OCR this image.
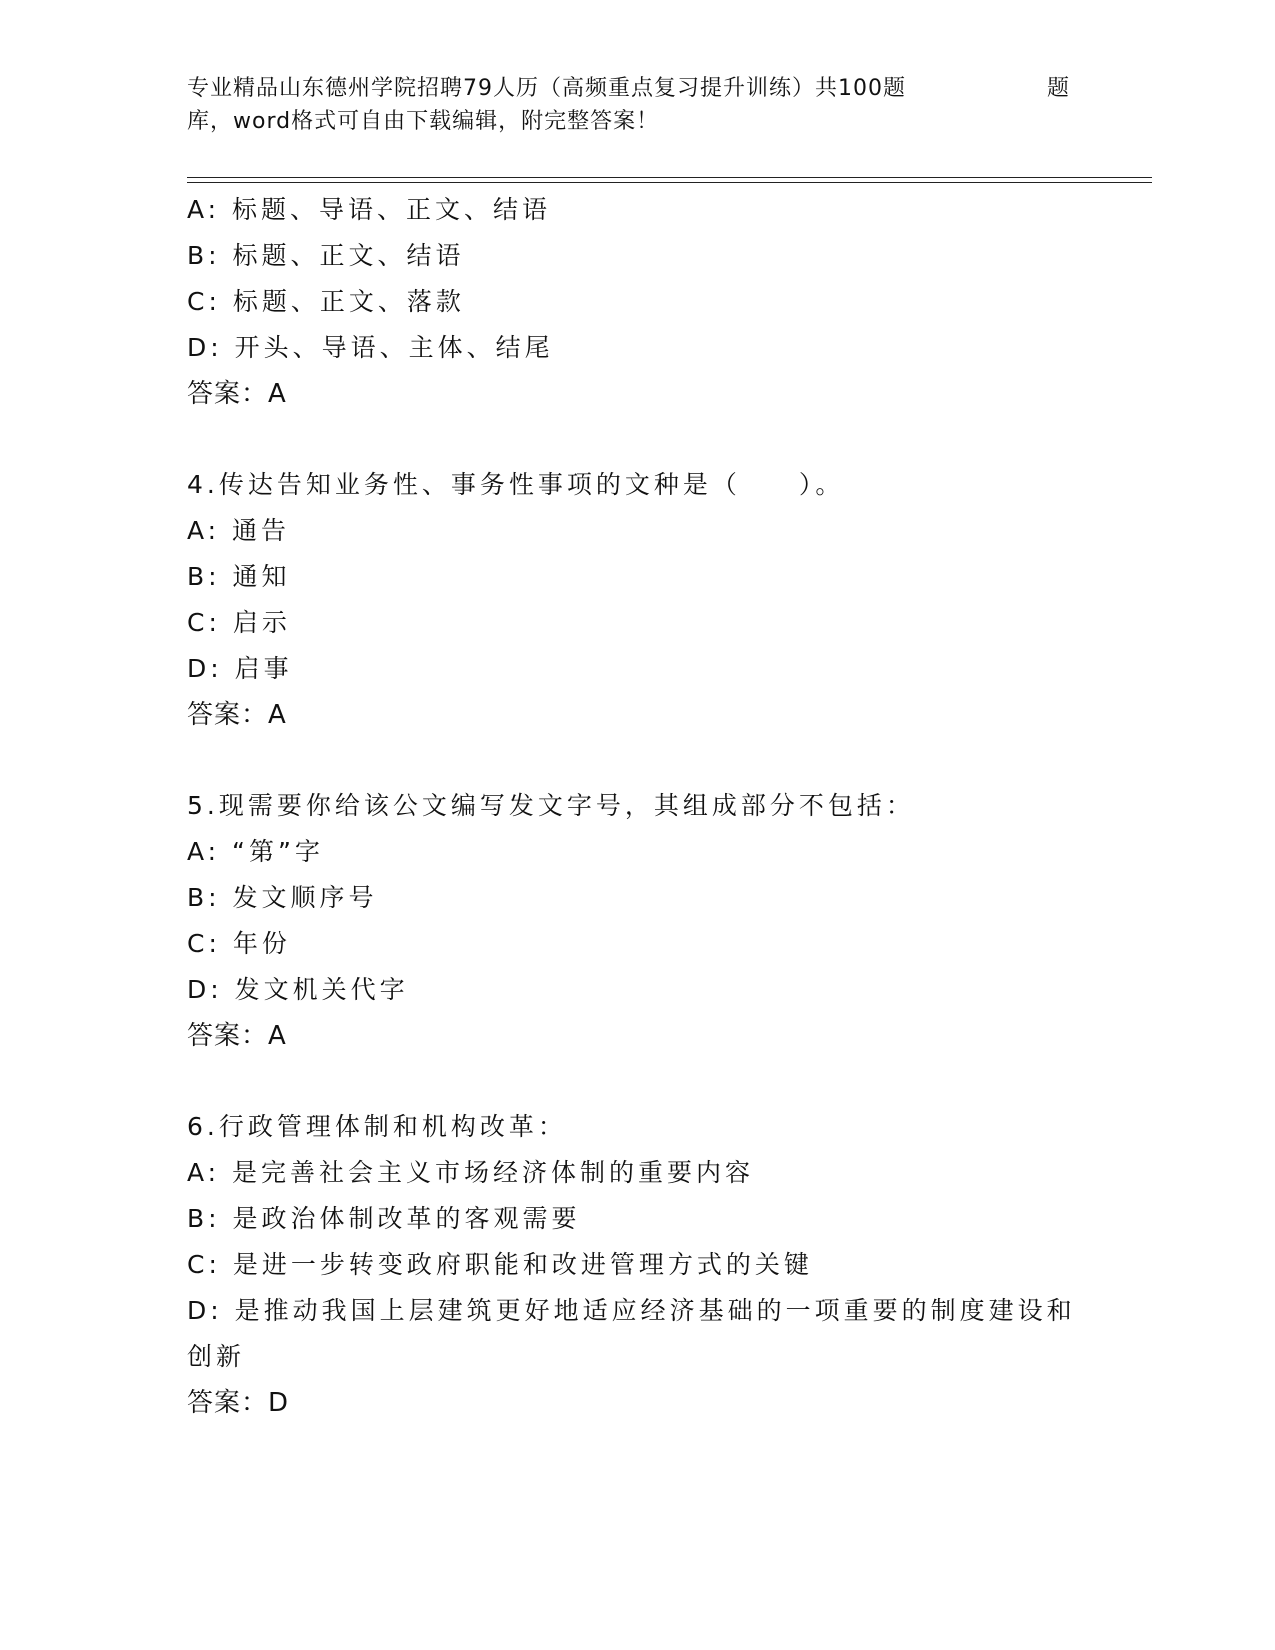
专业精品山东德州学院招聘79人历（高频重点复习提升训练）共100题	题
库，word格式可自由下载编辑，附完整答案！
A: 标题、导语、正文、结语
B: 标题、正文、结语
C: 标题、正文、落款
D: 开头、导语、主体、结尾
答案：A
4.传达告知业务性、事务性事项的文种是（　　）。
A: 通告
B: 通知
C: 启示
D: 启事
答案：A
5.现需要你给该公文编写发文字号，其组成部分不包括：
A: “第”字
B: 发文顺序号
C: 年份
D: 发文机关代字
答案：A
6.行政管理体制和机构改革：
A: 是完善社会主义市场经济体制的重要内容
B: 是政治体制改革的客观需要
C: 是进一步转变政府职能和改进管理方式的关键
D: 是推动我国上层建筑更好地适应经济基础的一项重要的制度建设和
创新
答案：D
